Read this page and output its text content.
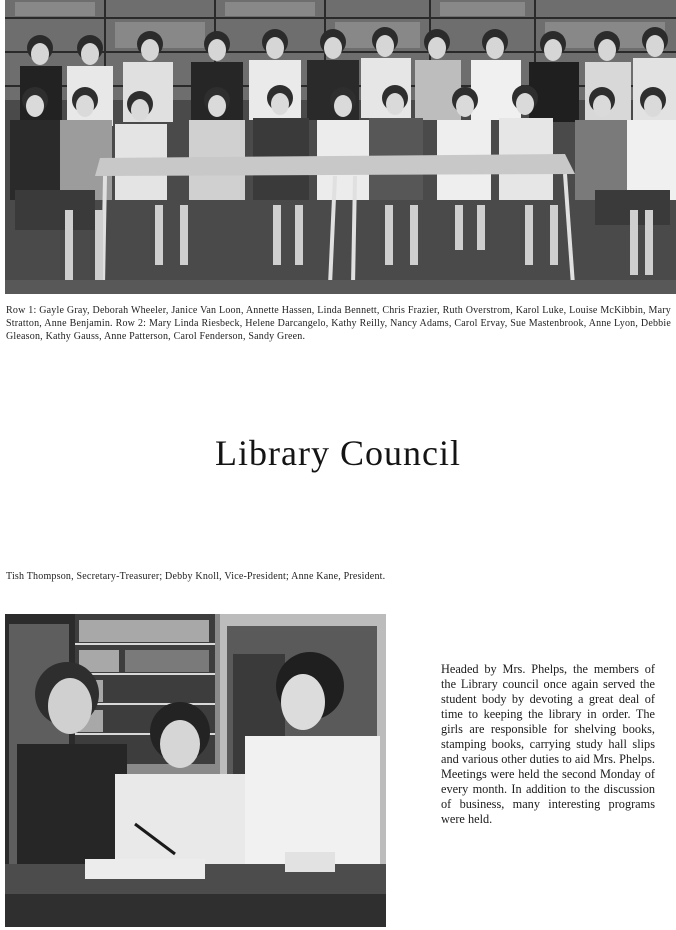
Row 1: Gayle Gray, Deborah Wheeler, Janice Van Loon, Annette Hassen, Linda Bennett, Chris Frazier, Ruth Overstrom, Karol Luke, Louise McKibbin, Mary Stratton, Anne Benjamin. Row 2: Mary Linda Riesbeck, Helene Darcangelo, Kathy Reilly, Nancy Adams, Carol Ervay, Sue Mastenbrook, Anne Lyon, Debbie Gleason, Kathy Gauss, Anne Patterson, Carol Fenderson, Sandy Green.

Library Council

Tish Thompson, Secretary-Treasurer; Debby Knoll, Vice-President; Anne Kane, President.

Headed by Mrs. Phelps, the members of the Library council once again served the student body by devoting a great deal of time to keeping the library in order. The girls are responsible for shelving books, stamping books, carrying study hall slips and various other duties to aid Mrs. Phelps. Meetings were held the second Monday of every month. In addition to the discussion of business, many interesting programs were held.
